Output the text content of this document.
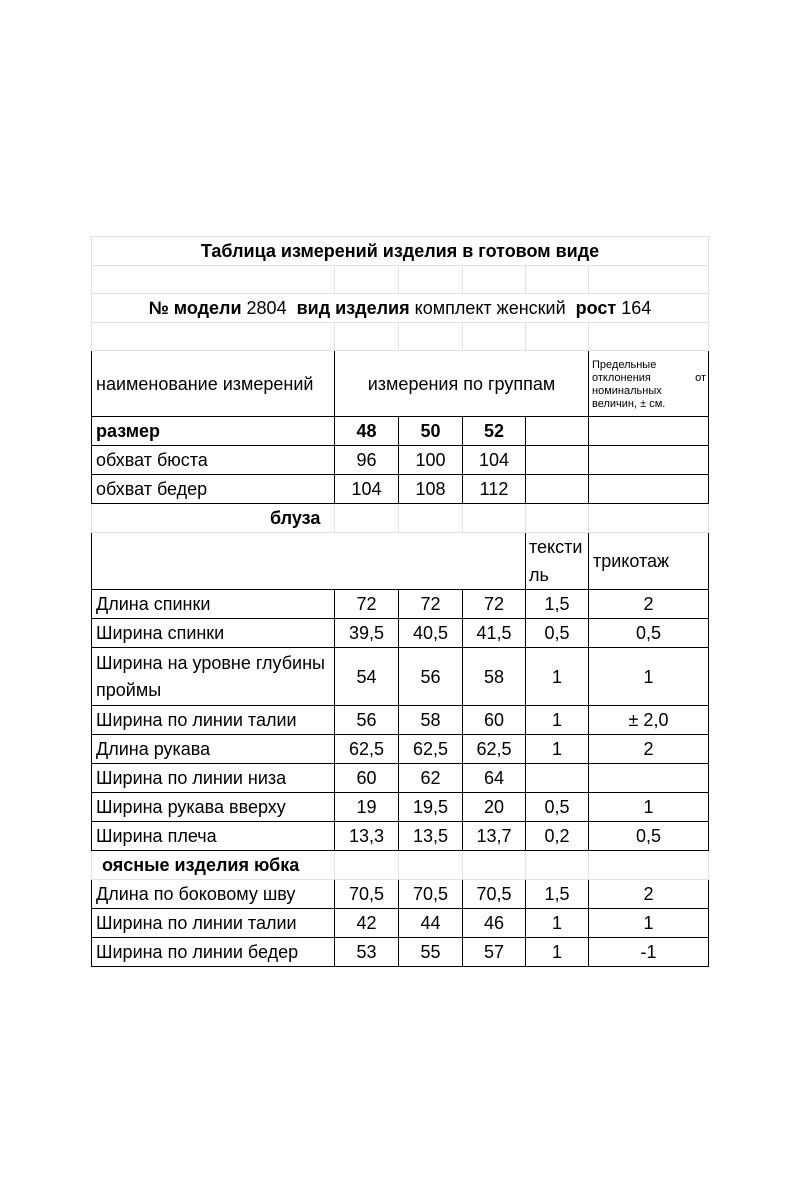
Таблица измерений изделия в готовом виде					

№ модели 2804 вид изделия комплект женский рост 164					

наименование измерений	измерения по группам				Предельные отклонения от номинальных величин, ± см.
размер	48	50	52		
обхват бюста	96	100	104		
обхват бедер	104	108	112		
блуза					
				тексти ль	трикотаж
Длина спинки	72	72	72	1,5	2
Ширина спинки	39,5	40,5	41,5	0,5	0,5
Ширина на уровне глубины проймы	54	56	58	1	1
Ширина по линии талии	56	58	60	1	± 2,0
Длина рукава	62,5	62,5	62,5	1	2
Ширина по линии низа	60	62	64		
Ширина рукава вверху	19	19,5	20	0,5	1
Ширина плеча	13,3	13,5	13,7	0,2	0,5
оясные изделия юбка					
Длина по боковому шву	70,5	70,5	70,5	1,5	2
Ширина по линии талии	42	44	46	1	1
Ширина по линии бедер	53	55	57	1	-1
